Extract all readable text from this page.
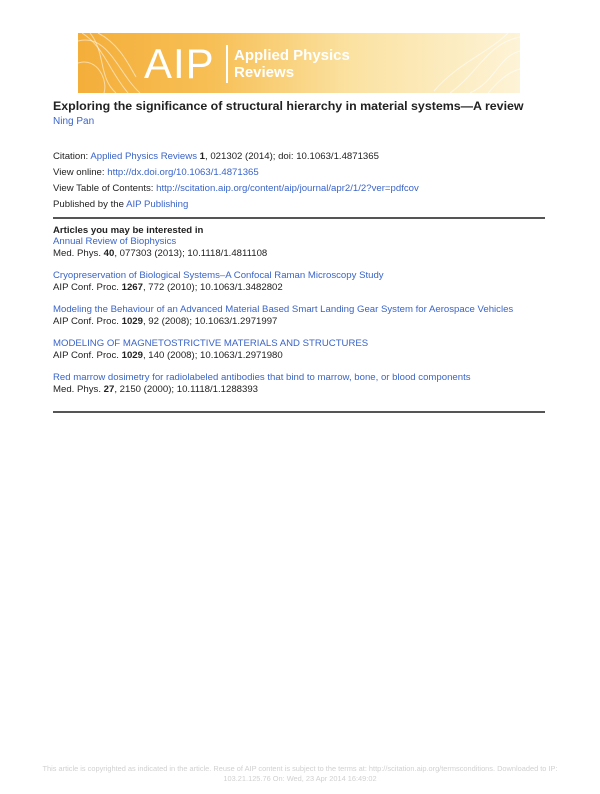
AIP Applied Physics
Reviews
Exploring the significance of structural hierarchy in material systems—A review
Ning Pan
Citation: Applied Physics Reviews 1, 021302 (2014); doi: 10.1063/1.4871365
View online: http://dx.doi.org/10.1063/1.4871365
View Table of Contents: http://scitation.aip.org/content/aip/journal/apr2/1/2?ver=pdfcov
Published by the AIP Publishing
Articles you may be interested in
Annual Review of Biophysics
Med. Phys. 40, 077303 (2013); 10.1118/1.4811108
Cryopreservation of Biological Systems–A Confocal Raman Microscopy Study
AIP Conf. Proc. 1267, 772 (2010); 10.1063/1.3482802
Modeling the Behaviour of an Advanced Material Based Smart Landing Gear System for Aerospace Vehicles
AIP Conf. Proc. 1029, 92 (2008); 10.1063/1.2971997
MODELING OF MAGNETOSTRICTIVE MATERIALS AND STRUCTURES
AIP Conf. Proc. 1029, 140 (2008); 10.1063/1.2971980
Red marrow dosimetry for radiolabeled antibodies that bind to marrow, bone, or blood components
Med. Phys. 27, 2150 (2000); 10.1118/1.1288393
This article is copyrighted as indicated in the article. Reuse of AIP content is subject to the terms at: http://scitation.aip.org/termsconditions. Downloaded to IP:
103.21.125.76 On: Wed, 23 Apr 2014 16:49:02
